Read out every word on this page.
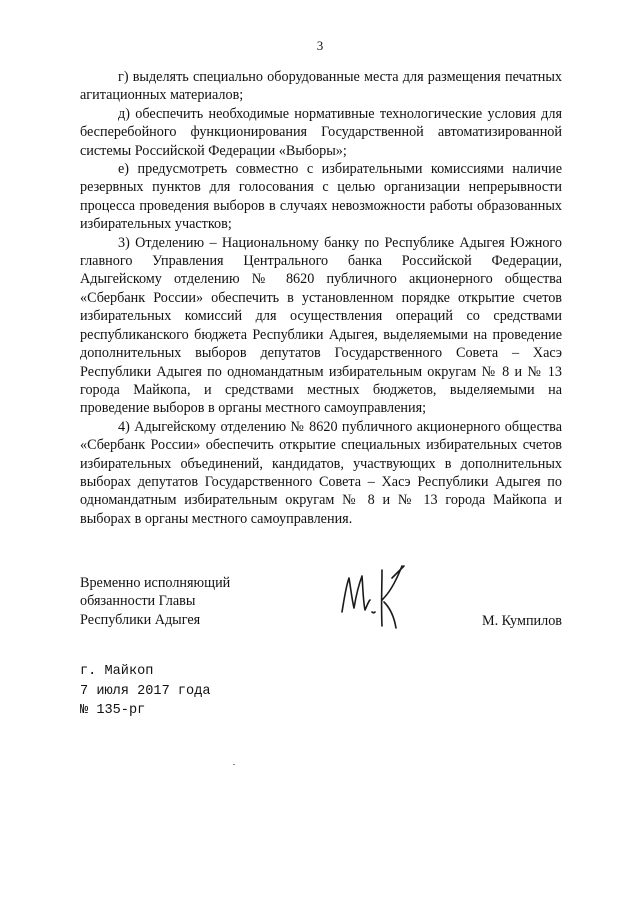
3

г) выделять специально оборудованные места для размещения печатных агитационных материалов;

д) обеспечить необходимые нормативные технологические условия для бесперебойного функционирования Государственной автоматизированной системы Российской Федерации «Выборы»;

е) предусмотреть совместно с избирательными комиссиями наличие резервных пунктов для голосования с целью организации непрерывности процесса проведения выборов в случаях невозможности работы образованных избирательных участков;

3) Отделению – Национальному банку по Республике Адыгея Южного главного Управления Центрального банка Российской Федерации, Адыгейскому отделению № 8620 публичного акционерного общества «Сбербанк России» обеспечить в установленном порядке открытие счетов избирательных комиссий для осуществления операций со средствами республиканского бюджета Республики Адыгея, выделяемыми на проведение дополнительных выборов депутатов Государственного Совета – Хасэ Республики Адыгея по одномандатным избирательным округам № 8 и № 13 города Майкопа, и средствами местных бюджетов, выделяемыми на проведение выборов в органы местного самоуправления;

4) Адыгейскому отделению № 8620 публичного акционерного общества «Сбербанк России» обеспечить открытие специальных избирательных счетов избирательных объединений, кандидатов, участвующих в дополнительных выборах депутатов Государственного Совета – Хасэ Республики Адыгея по одномандатным избирательным округам № 8 и № 13 города Майкопа и выборах в органы местного самоуправления.

Временно исполняющий
обязанности Главы
Республики Адыгея	М. Кумпилов
г. Майкоп
7 июля 2017 года
№ 135-рг
